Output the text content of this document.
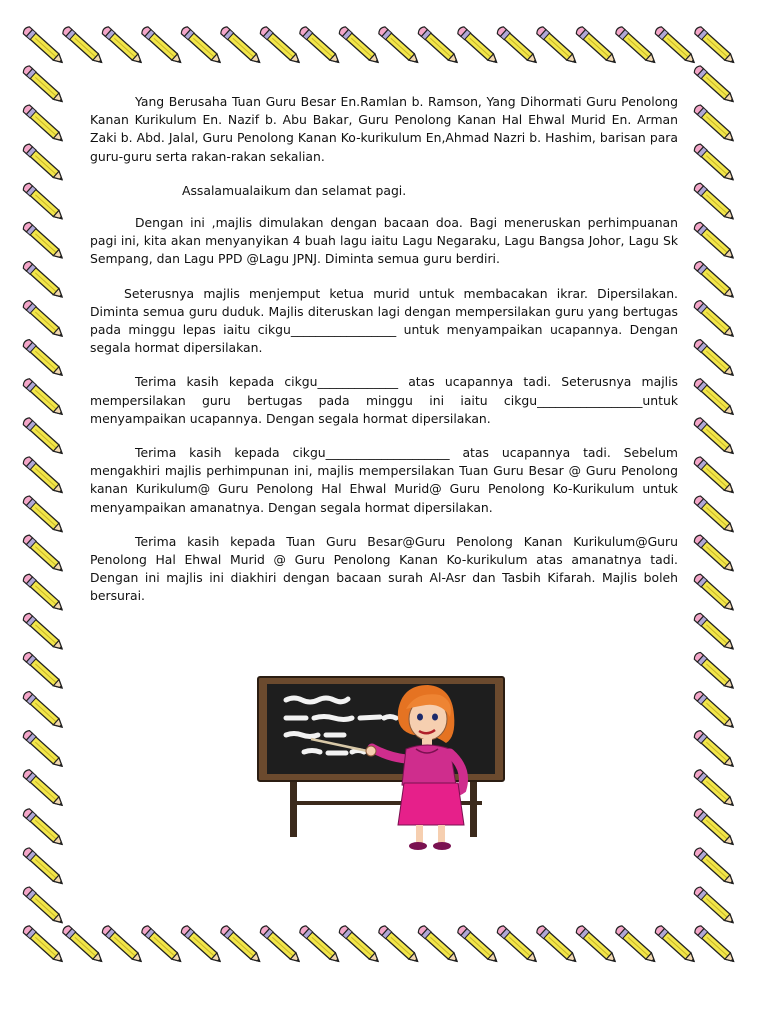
Yang Berusaha Tuan Guru Besar En.Ramlan b. Ramson, Yang Dihormati Guru Penolong Kanan Kurikulum En. Nazif b. Abu Bakar, Guru Penolong Kanan Hal Ehwal Murid En. Arman Zaki b. Abd. Jalal, Guru Penolong Kanan Ko-kurikulum En,Ahmad Nazri b. Hashim, barisan para guru-guru serta rakan-rakan sekalian.

Assalamualaikum dan selamat pagi.

Dengan ini ,majlis dimulakan dengan bacaan doa. Bagi meneruskan perhimpuanan pagi ini, kita akan menyanyikan 4 buah lagu iaitu Lagu Negaraku, Lagu Bangsa Johor, Lagu Sk Sempang, dan Lagu PPD @Lagu JPNJ. Diminta semua guru berdiri.

Seterusnya majlis menjemput ketua murid untuk membacakan ikrar. Dipersilakan. Diminta semua guru duduk. Majlis diteruskan lagi dengan mempersilakan guru yang bertugas pada minggu lepas iaitu cikgu_________________ untuk menyampaikan ucapannya. Dengan segala hormat dipersilakan.

Terima kasih kepada cikgu_____________ atas ucapannya tadi. Seterusnya majlis mempersilakan guru bertugas pada minggu ini iaitu cikgu_________________untuk menyampaikan ucapannya. Dengan segala hormat dipersilakan.

Terima kasih kepada cikgu____________________ atas ucapannya tadi. Sebelum mengakhiri majlis perhimpunan ini, majlis mempersilakan Tuan Guru Besar @ Guru Penolong kanan Kurikulum@ Guru Penolong Hal Ehwal Murid@ Guru Penolong Ko-Kurikulum untuk menyampaikan amanatnya. Dengan segala hormat dipersilakan.

Terima kasih kepada Tuan Guru Besar@Guru Penolong Kanan Kurikulum@Guru Penolong Hal Ehwal Murid @ Guru Penolong Kanan Ko-kurikulum atas amanatnya tadi. Dengan ini majlis ini diakhiri dengan bacaan surah Al-Asr dan Tasbih Kifarah. Majlis boleh bersurai.
